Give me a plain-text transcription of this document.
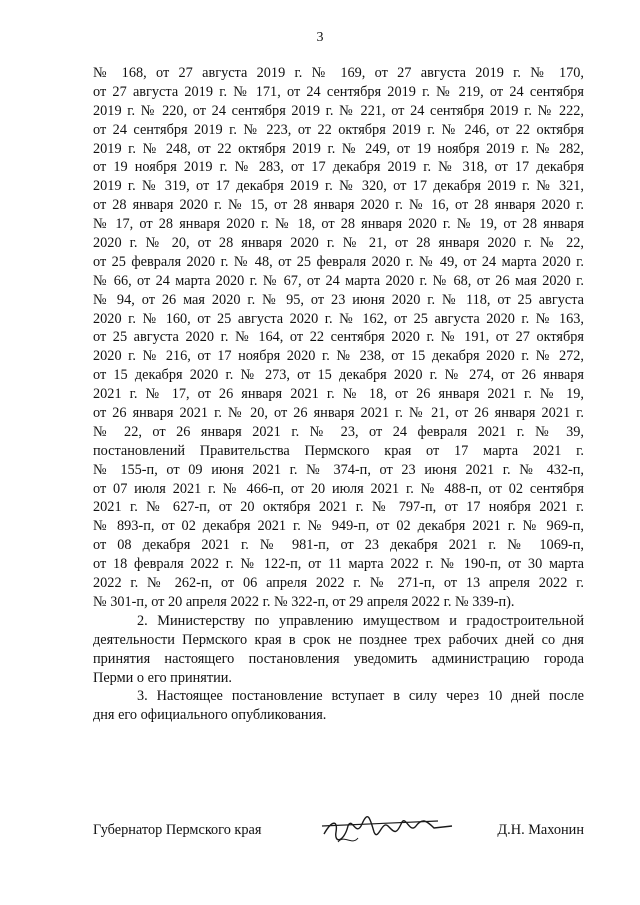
3
№ 168, от 27 августа 2019 г. № 169, от 27 августа 2019 г. № 170,
от 27 августа 2019 г. № 171, от 24 сентября 2019 г. № 219, от 24 сентября
2019 г. № 220, от 24 сентября 2019 г. № 221, от 24 сентября 2019 г. № 222,
от 24 сентября 2019 г. № 223, от 22 октября 2019 г. № 246, от 22 октября
2019 г. № 248, от 22 октября 2019 г. № 249, от 19 ноября 2019 г. № 282,
от 19 ноября 2019 г. № 283, от 17 декабря 2019 г. № 318, от 17 декабря
2019 г. № 319, от 17 декабря 2019 г. № 320, от 17 декабря 2019 г. № 321,
от 28 января 2020 г. № 15, от 28 января 2020 г. № 16, от 28 января 2020 г.
№ 17, от 28 января 2020 г. № 18, от 28 января 2020 г. № 19, от 28 января
2020 г. № 20, от 28 января 2020 г. № 21, от 28 января 2020 г. № 22,
от 25 февраля 2020 г. № 48, от 25 февраля 2020 г. № 49, от 24 марта 2020 г.
№ 66, от 24 марта 2020 г. № 67, от 24 марта 2020 г. № 68, от 26 мая 2020 г.
№ 94, от 26 мая 2020 г. № 95, от 23 июня 2020 г. № 118, от 25 августа
2020 г. № 160, от 25 августа 2020 г. № 162, от 25 августа 2020 г. № 163,
от 25 августа 2020 г. № 164, от 22 сентября 2020 г. № 191, от 27 октября
2020 г. № 216, от 17 ноября 2020 г. № 238, от 15 декабря 2020 г. № 272,
от 15 декабря 2020 г. № 273, от 15 декабря 2020 г. № 274, от 26 января
2021 г. № 17, от 26 января 2021 г. № 18, от 26 января 2021 г. № 19,
от 26 января 2021 г. № 20, от 26 января 2021 г. № 21, от 26 января 2021 г.
№ 22, от 26 января 2021 г. № 23, от 24 февраля 2021 г. № 39,
постановлений Правительства Пермского края от 17 марта 2021 г.
№ 155-п, от 09 июня 2021 г. № 374-п, от 23 июня 2021 г. № 432-п,
от 07 июля 2021 г. № 466-п, от 20 июля 2021 г. № 488-п, от 02 сентября
2021 г. № 627-п, от 20 октября 2021 г. № 797-п, от 17 ноября 2021 г.
№ 893-п, от 02 декабря 2021 г. № 949-п, от 02 декабря 2021 г. № 969-п,
от 08 декабря 2021 г. № 981-п, от 23 декабря 2021 г. № 1069-п,
от 18 февраля 2022 г. № 122-п, от 11 марта 2022 г. № 190-п, от 30 марта
2022 г. № 262-п, от 06 апреля 2022 г. № 271-п, от 13 апреля 2022 г.
№ 301-п, от 20 апреля 2022 г. № 322-п, от 29 апреля 2022 г. № 339-п).
2. Министерству по управлению имуществом и градостроительной
деятельности Пермского края в срок не позднее трех рабочих дней со дня
принятия настоящего постановления уведомить администрацию города
Перми о его принятии.
3. Настоящее постановление вступает в силу через 10 дней после
дня его официального опубликования.
Губернатор Пермского края	Д.Н. Махонин
